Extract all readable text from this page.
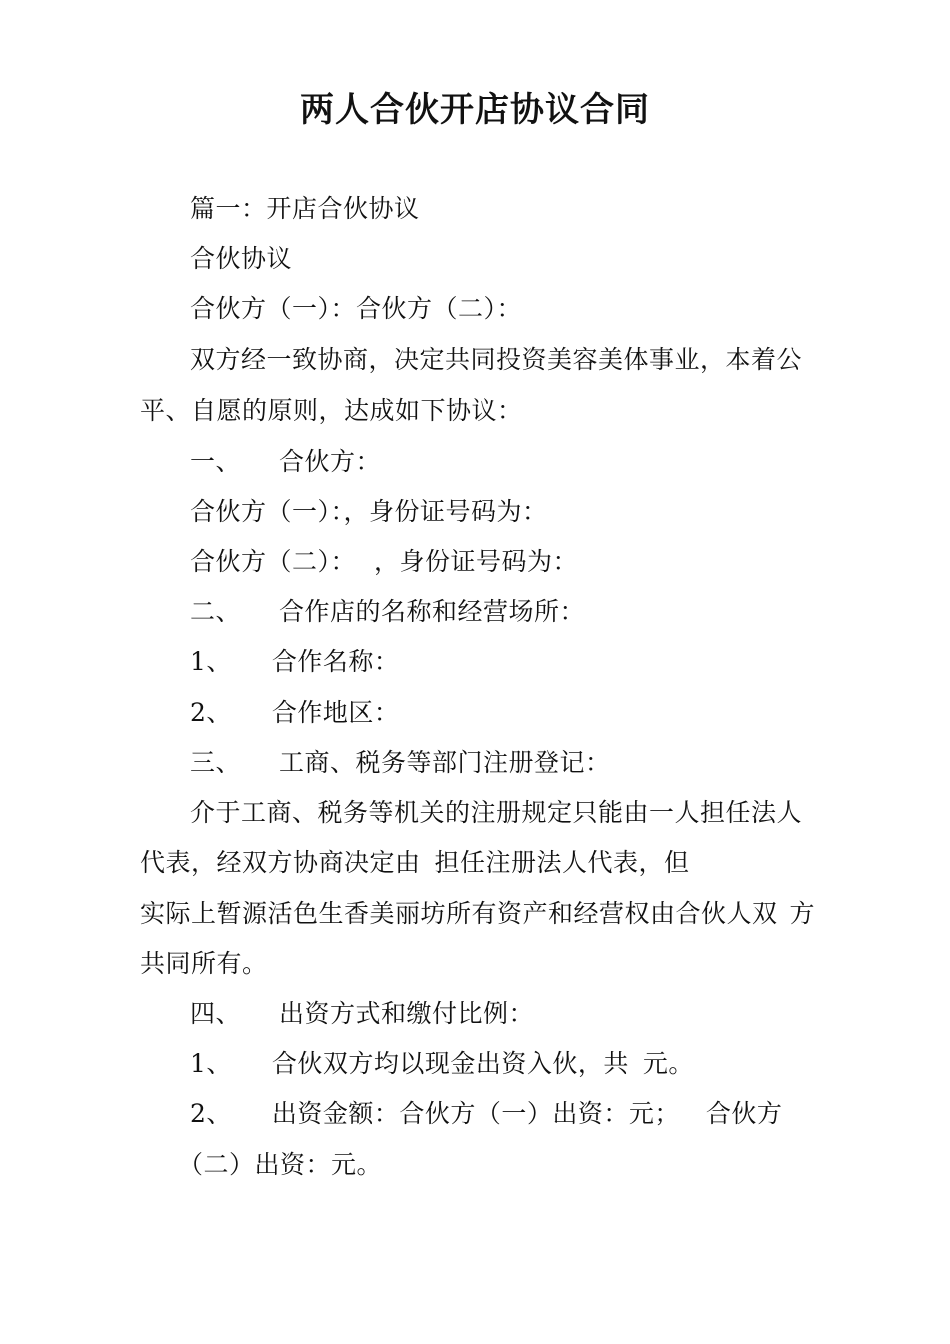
两人合伙开店协议合同
篇一：开店合伙协议
合伙协议
合伙方（一）：合伙方（二）：
双方经一致协商，决定共同投资美容美体事业，本着公
平、自愿的原则，达成如下协议：
一、 合伙方：
合伙方（一）：，身份证号码为：
合伙方（二）： ，身份证号码为：
二、 合作店的名称和经营场所：
1、 合作名称：
2、 合作地区：
三、 工商、税务等部门注册登记：
介于工商、税务等机关的注册规定只能由一人担任法人
代表，经双方协商决定由 担任注册法人代表，但
实际上暂源活色生香美丽坊所有资产和经营权由合伙人双 方
共同所有。
四、 出资方式和缴付比例：
1、 合伙双方均以现金出资入伙，共 元。
2、 出资金额：合伙方（一）出资：元； 合伙方
（二）出资：元。
